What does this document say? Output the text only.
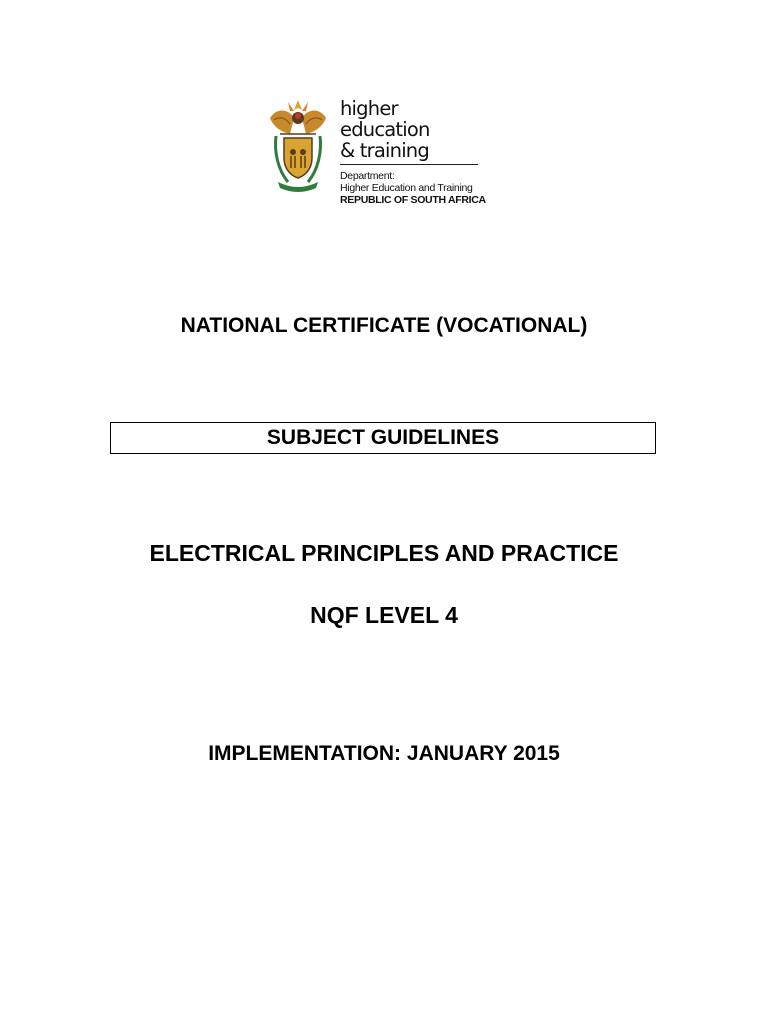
higher education
& training
Department:
Higher Education and Training
REPUBLIC OF SOUTH AFRICA
NATIONAL CERTIFICATE (VOCATIONAL)
SUBJECT GUIDELINES
ELECTRICAL PRINCIPLES AND PRACTICE
NQF LEVEL 4
IMPLEMENTATION: JANUARY 2015
